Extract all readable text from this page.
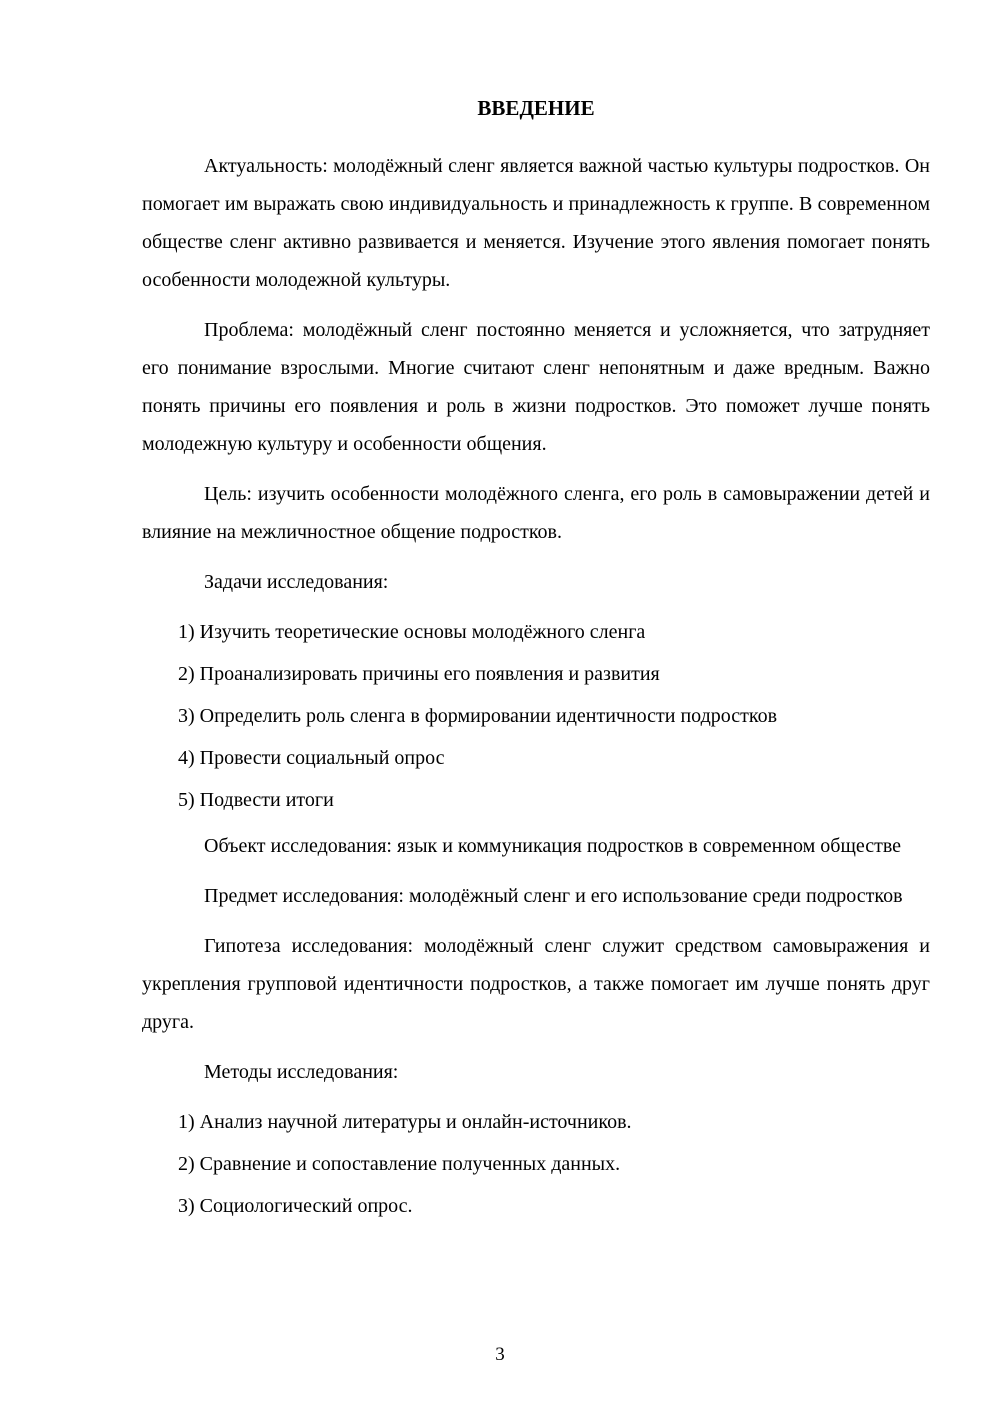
ВВЕДЕНИЕ

Актуальность: молодёжный сленг является важной частью культуры подростков. Он помогает им выражать свою индивидуальность и принадлежность к группе. В современном обществе сленг активно развивается и меняется. Изучение этого явления помогает понять особенности молодежной культуры.

Проблема: молодёжный сленг постоянно меняется и усложняется, что затрудняет его понимание взрослыми. Многие считают сленг непонятным и даже вредным. Важно понять причины его появления и роль в жизни подростков. Это поможет лучше понять молодежную культуру и особенности общения.

Цель: изучить особенности молодёжного сленга, его роль в самовыражении детей и влияние на межличностное общение подростков.

Задачи исследования:

1) Изучить теоретические основы молодёжного сленга
2) Проанализировать причины его появления и развития
3) Определить роль сленга в формировании идентичности подростков
4) Провести социальный опрос
5) Подвести итоги

Объект исследования: язык и коммуникация подростков в современном обществе

Предмет исследования: молодёжный сленг и его использование среди подростков

Гипотеза исследования: молодёжный сленг служит средством самовыражения и укрепления групповой идентичности подростков, а также помогает им лучше понять друг друга.

Методы исследования:

1) Анализ научной литературы и онлайн-источников.
2) Сравнение и сопоставление полученных данных.
3) Социологический опрос.
3
